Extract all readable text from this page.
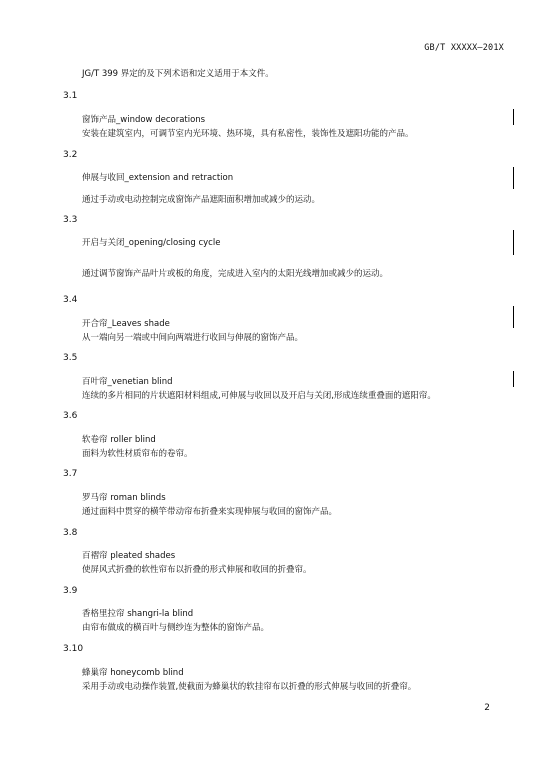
GB/T XXXXX—201X
JG/T 399 界定的及下列术语和定义适用于本文件。
3.1
窗饰产品_window decorations
安装在建筑室内，可调节室内光环境、热环境，具有私密性，装饰性及遮阳功能的产品。
3.2
伸展与收回_extension and retraction
通过手动或电动控制完成窗饰产品遮阳面积增加或减少的运动。
3.3
开启与关闭_opening/closing cycle
通过调节窗饰产品叶片或板的角度，完成进入室内的太阳光线增加或减少的运动。
3.4
开合帘_Leaves shade
从一端向另一端或中间向两端进行收回与伸展的窗饰产品。
3.5
百叶帘_venetian blind
连续的多片相同的片状遮阳材料组成,可伸展与收回以及开启与关闭,形成连续重叠面的遮阳帘。
3.6
软卷帘 roller blind
面料为软性材质帘布的卷帘。
3.7
罗马帘 roman blinds
通过面料中贯穿的横竿带动帘布折叠来实现伸展与收回的窗饰产品。
3.8
百褶帘 pleated shades
使屏风式折叠的软性帘布以折叠的形式伸展和收回的折叠帘。
3.9
香格里拉帘 shangri-la blind
由帘布做成的横百叶与侧纱连为整体的窗饰产品。
3.10
蜂巢帘 honeycomb blind
采用手动或电动操作装置,使截面为蜂巢状的软挂帘布以折叠的形式伸展与收回的折叠帘。
2
